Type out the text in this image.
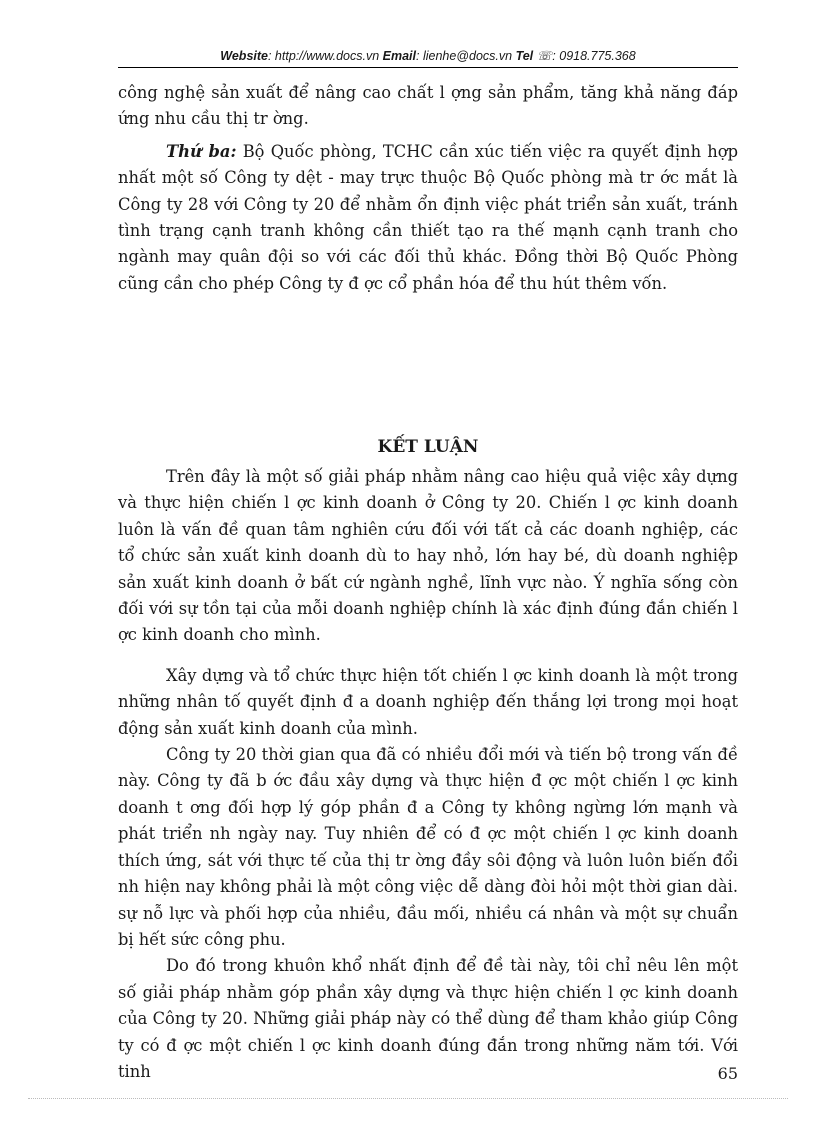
Website: http://www.docs.vn Email: lienhe@docs.vn Tel ☏: 0918.775.368

công nghệ sản xuất để nâng cao chất l ợng sản phẩm, tăng khả năng đáp ứng nhu cầu thị tr ờng.

Thứ ba: Bộ Quốc phòng, TCHC cần xúc tiến việc ra quyết định hợp nhất một số Công ty dệt - may trực thuộc Bộ Quốc phòng mà tr ớc mắt là Công ty 28 với Công ty 20 để nhằm ổn định việc phát triển sản xuất, tránh tình trạng cạnh tranh không cần thiết tạo ra thế mạnh cạnh tranh cho ngành may quân đội so với các đối thủ khác. Đồng thời Bộ Quốc Phòng cũng cần cho phép Công ty đ ợc cổ phần hóa để thu hút thêm vốn.

KẾT LUẬN

Trên đây là một số giải pháp nhằm nâng cao hiệu quả việc xây dựng và thực hiện chiến l ợc kinh doanh ở Công ty 20. Chiến l ợc kinh doanh luôn là vấn đề quan tâm nghiên cứu đối với tất cả các doanh nghiệp, các tổ chức sản xuất kinh doanh dù to hay nhỏ, lớn hay bé, dù doanh nghiệp sản xuất kinh doanh ở bất cứ ngành nghề, lĩnh vực nào. Ý nghĩa sống còn đối với sự tồn tại của mỗi doanh nghiệp chính là xác định đúng đắn chiến l ợc kinh doanh cho mình.

Xây dựng và tổ chức thực hiện tốt chiến l ợc kinh doanh là một trong những nhân tố quyết định đ a doanh nghiệp đến thắng lợi trong mọi hoạt động sản xuất kinh doanh của mình.

Công ty 20 thời gian qua đã có nhiều đổi mới và tiến bộ trong vấn đề này. Công ty đã b ớc đầu xây dựng và thực hiện đ ợc một chiến l ợc kinh doanh t ơng đối hợp lý góp phần đ a Công ty không ngừng lớn mạnh và phát triển nh ngày nay. Tuy nhiên để có đ ợc một chiến l ợc kinh doanh thích ứng, sát với thực tế của thị tr ờng đầy sôi động và luôn luôn biến đổi nh hiện nay không phải là một công việc dễ dàng đòi hỏi một thời gian dài. sự nỗ lực và phối hợp của nhiều, đầu mối, nhiều cá nhân và một sự chuẩn bị hết sức công phu.

Do đó trong khuôn khổ nhất định để đề tài này, tôi chỉ nêu lên một số giải pháp nhằm góp phần xây dựng và thực hiện chiến l ợc kinh doanh của Công ty 20. Những giải pháp này có thể dùng để tham khảo giúp Công ty có đ ợc một chiến l ợc kinh doanh đúng đắn trong những năm tới. Với tinh	65
